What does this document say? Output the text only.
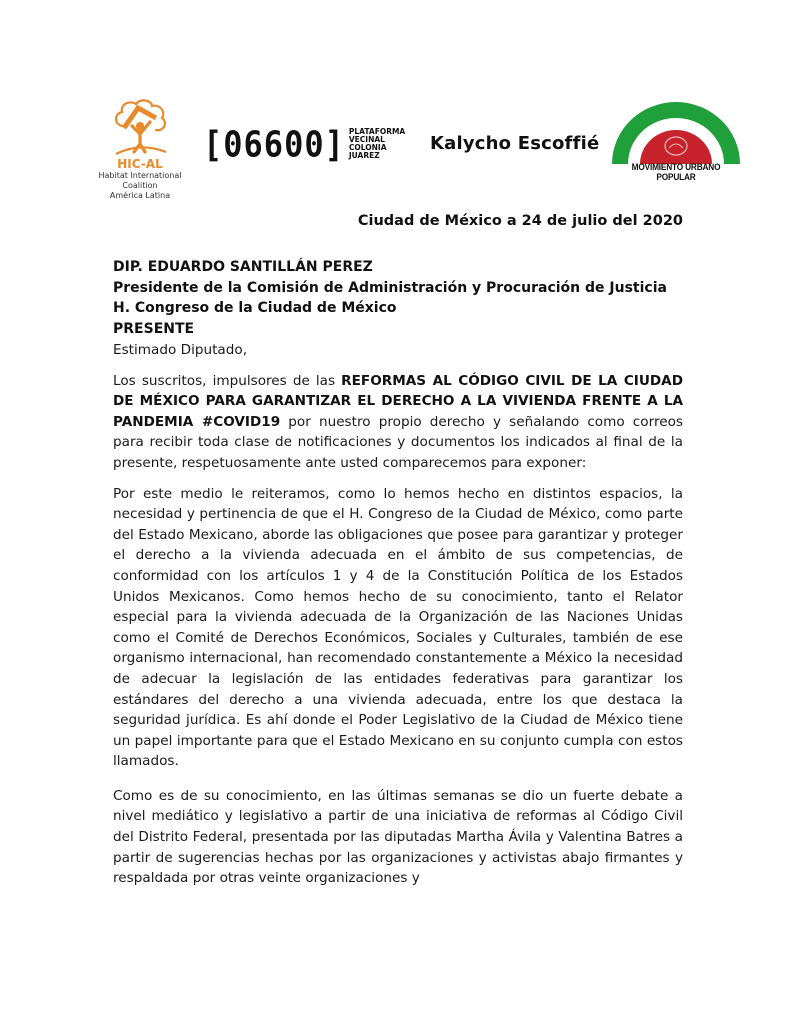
HIC-AL
Habitat International Coalition
América Latina
[06600] PLATAFORMA
VECINAL
COLONIA
JUAREZ
Kalycho Escoffié
MOVIMIENTO URBANO POPULAR
Ciudad de México a 24 de julio del 2020
DIP. EDUARDO SANTILLÁN PEREZ
Presidente de la Comisión de Administración y Procuración de Justicia
H. Congreso de la Ciudad de México
PRESENTE

Estimado Diputado,

Los suscritos, impulsores de las REFORMAS AL CÓDIGO CIVIL DE LA CIUDAD DE MÉXICO PARA GARANTIZAR EL DERECHO A LA VIVIENDA FRENTE A LA PANDEMIA #COVID19 por nuestro propio derecho y señalando como correos para recibir toda clase de notificaciones y documentos los indicados al final de la presente, respetuosamente ante usted comparecemos para exponer:

Por este medio le reiteramos, como lo hemos hecho en distintos espacios, la necesidad y pertinencia de que el H. Congreso de la Ciudad de México, como parte del Estado Mexicano, aborde las obligaciones que posee para garantizar y proteger el derecho a la vivienda adecuada en el ámbito de sus competencias, de conformidad con los artículos 1 y 4 de la Constitución Política de los Estados Unidos Mexicanos. Como hemos hecho de su conocimiento, tanto el Relator especial para la vivienda adecuada de la Organización de las Naciones Unidas como el Comité de Derechos Económicos, Sociales y Culturales, también de ese organismo internacional, han recomendado constantemente a México la necesidad de adecuar la legislación de las entidades federativas para garantizar los estándares del derecho a una vivienda adecuada, entre los que destaca la seguridad jurídica. Es ahí donde el Poder Legislativo de la Ciudad de México tiene un papel importante para que el Estado Mexicano en su conjunto cumpla con estos llamados.

Como es de su conocimiento, en las últimas semanas se dio un fuerte debate a nivel mediático y legislativo a partir de una iniciativa de reformas al Código Civil del Distrito Federal, presentada por las diputadas Martha Ávila y Valentina Batres a partir de sugerencias hechas por las organizaciones y activistas abajo firmantes y respaldada por otras veinte organizaciones y
